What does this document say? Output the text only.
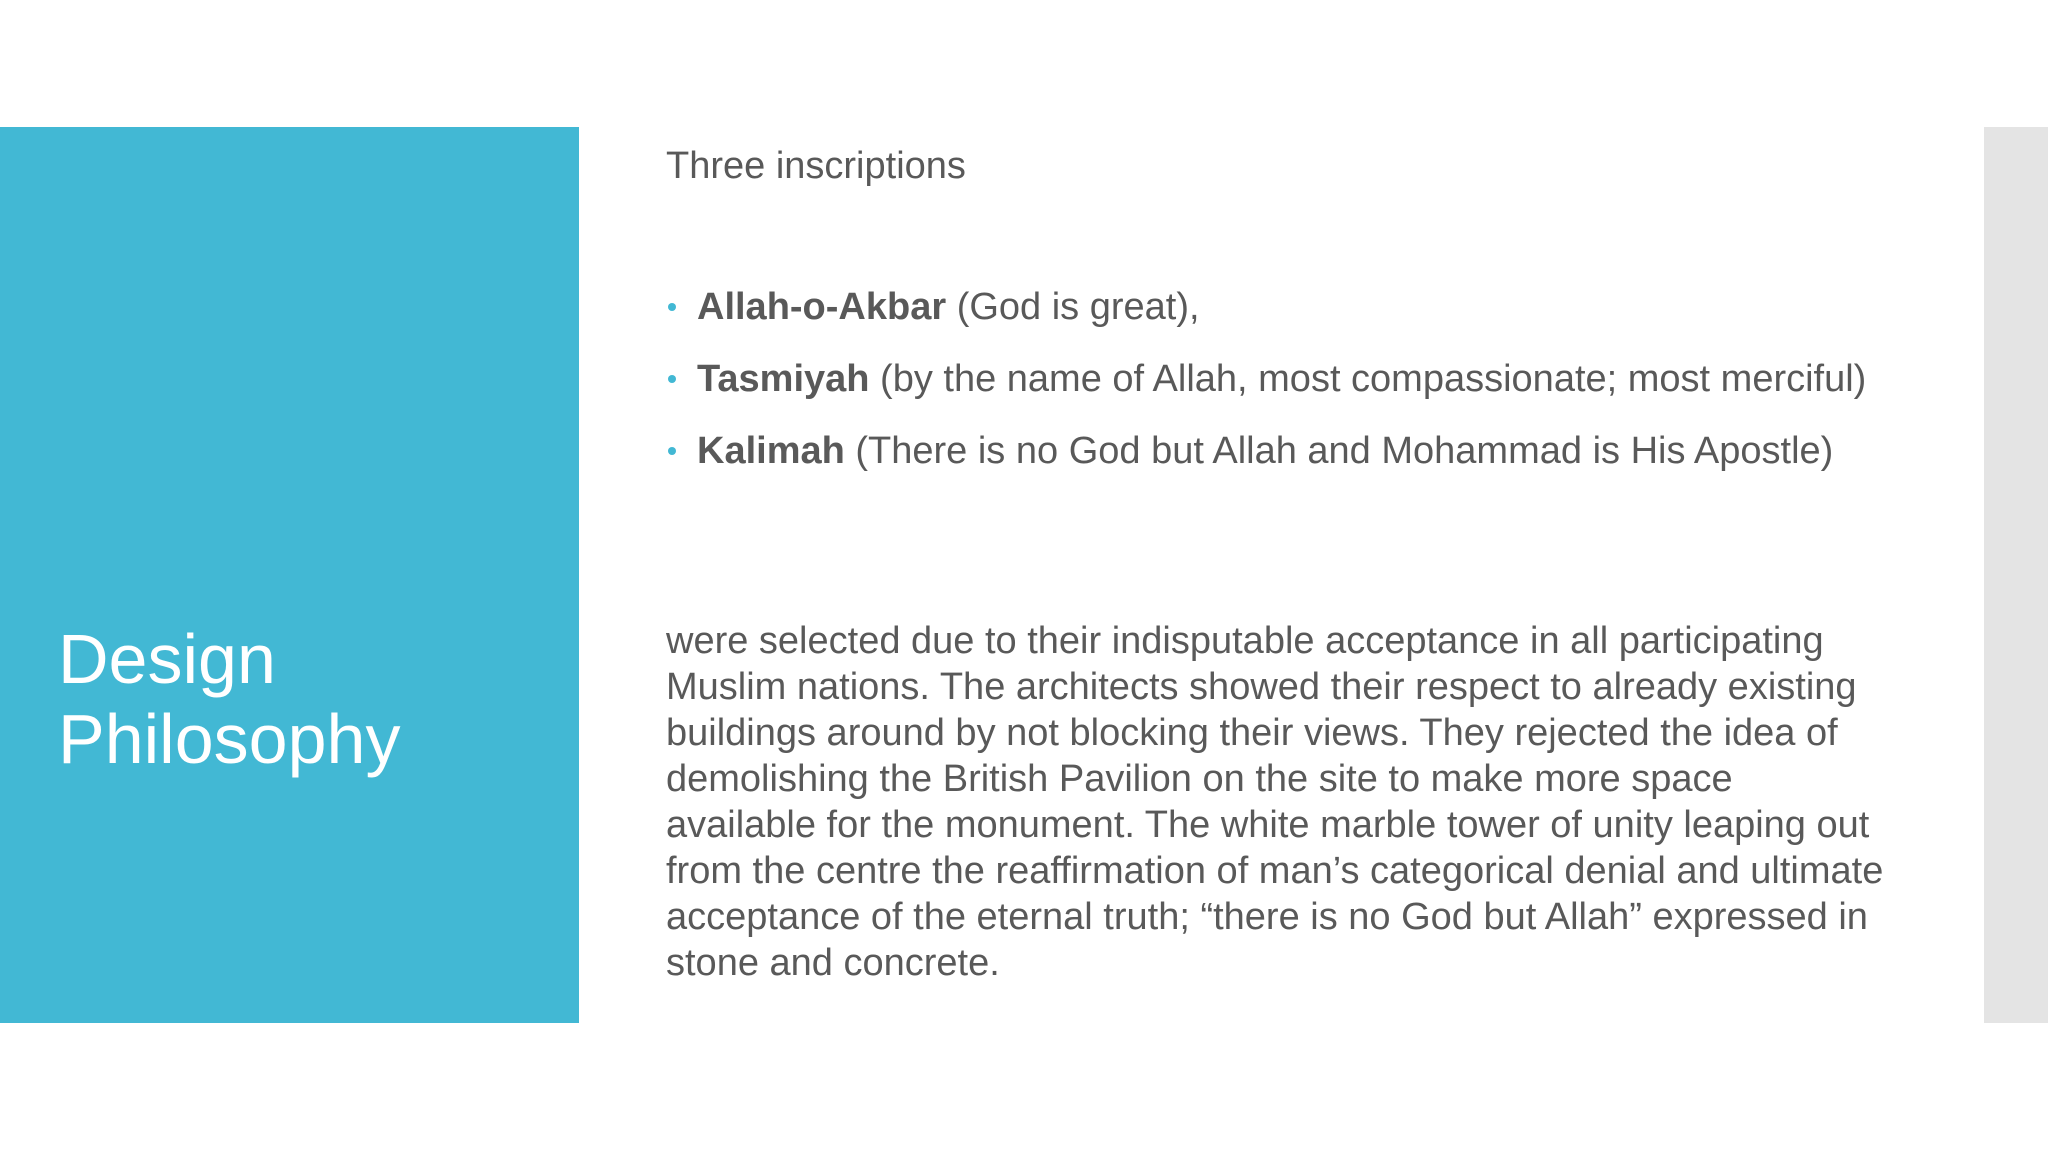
Design Philosophy

Three inscriptions

Allah-o-Akbar (God is great),
Tasmiyah (by the name of Allah, most compassionate; most merciful)
Kalimah (There is no God but Allah and Mohammad is His Apostle)

were selected due to their indisputable acceptance in all participating Muslim nations. The architects showed their respect to already existing buildings around by not blocking their views. They rejected the idea of demolishing the British Pavilion on the site to make more space available for the monument. The white marble tower of unity leaping out from the centre the reaffirmation of man’s categorical denial and ultimate acceptance of the eternal truth; “there is no God but Allah” expressed in stone and concrete.
